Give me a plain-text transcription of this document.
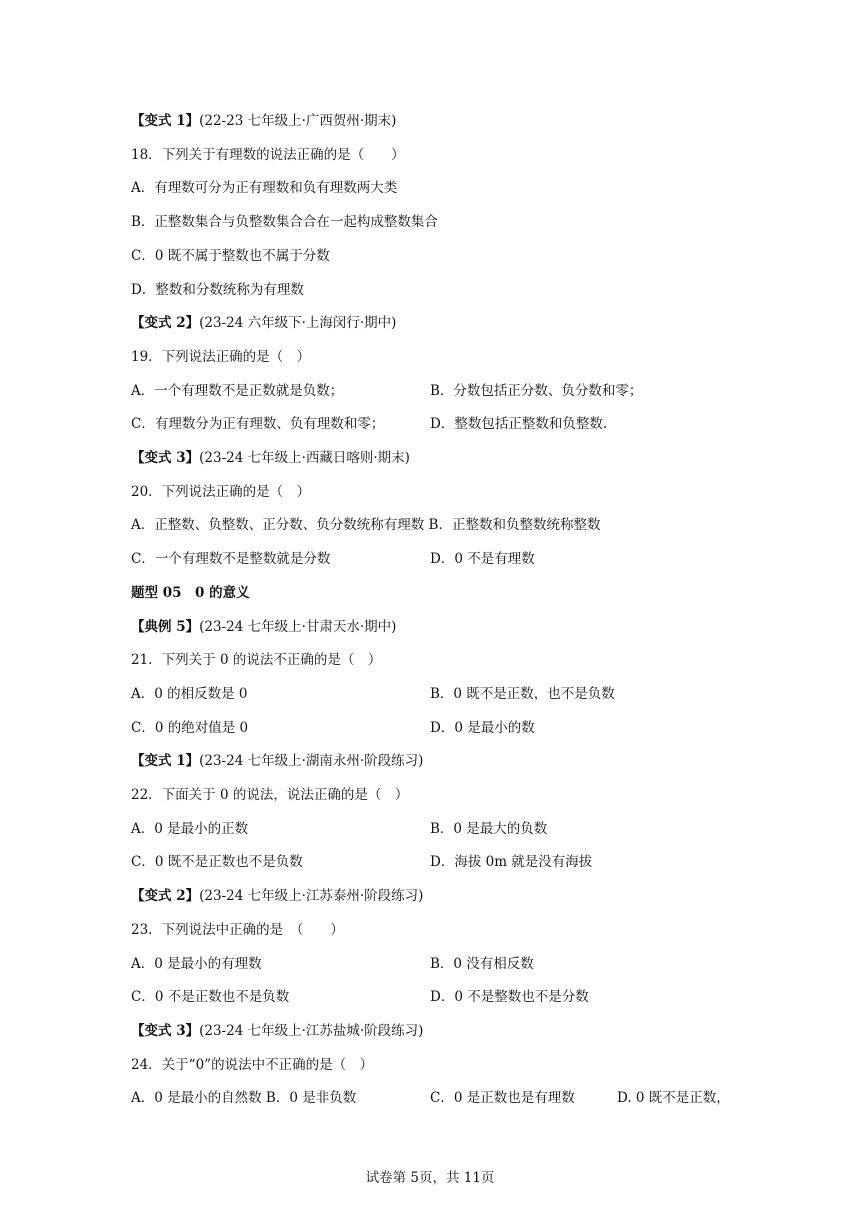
【变式 1】(22-23 七年级上·广西贺州·期末)
18．下列关于有理数的说法正确的是（　　）
A．有理数可分为正有理数和负有理数两大类
B．正整数集合与负整数集合合在一起构成整数集合
C．0 既不属于整数也不属于分数
D．整数和分数统称为有理数
【变式 2】(23-24 六年级下·上海闵行·期中)
19．下列说法正确的是（　）
A．一个有理数不是正数就是负数；	B．分数包括正分数、负分数和零；
C．有理数分为正有理数、负有理数和零；	D．整数包括正整数和负整数.
【变式 3】(23-24 七年级上·西藏日喀则·期末)
20．下列说法正确的是（　）
A．正整数、负整数、正分数、负分数统称有理数 B．正整数和负整数统称整数
C．一个有理数不是整数就是分数	D．0 不是有理数
题型 05　0 的意义
【典例 5】(23-24 七年级上·甘肃天水·期中)
21．下列关于 0 的说法不正确的是（　）
A．0 的相反数是 0	B．0 既不是正数，也不是负数
C．0 的绝对值是 0	D．0 是最小的数
【变式 1】(23-24 七年级上·湖南永州·阶段练习)
22．下面关于 0 的说法，说法正确的是（　）
A．0 是最小的正数	B．0 是最大的负数
C．0 既不是正数也不是负数	D．海拔 0m 就是没有海拔
【变式 2】(23-24 七年级上·江苏泰州·阶段练习)
23．下列说法中正确的是　（　　）
A．0 是最小的有理数	B．0 没有相反数
C．0 不是正数也不是负数	D．0 不是整数也不是分数
【变式 3】(23-24 七年级上·江苏盐城·阶段练习)
24．关于“0”的说法中不正确的是（　）
A．0 是最小的自然数 B．0 是非负数	C．0 是正数也是有理数	D. 0 既不是正数，
试卷第 5页，共 11页
